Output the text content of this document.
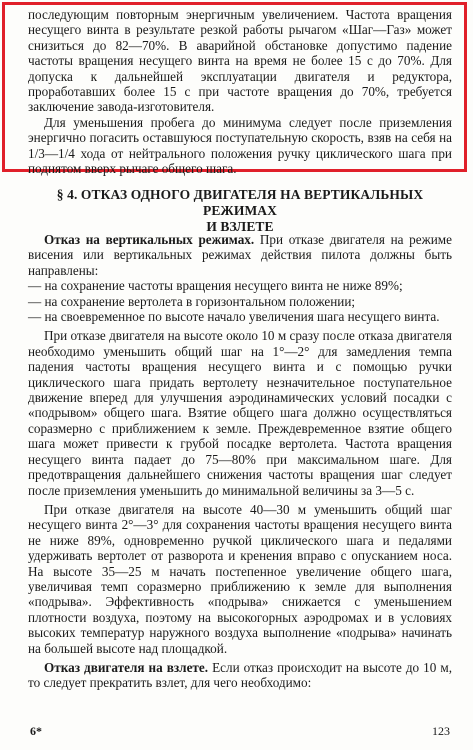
последующим повторным энергичным увеличением. Частота вращения несущего винта в результате резкой работы рычагом «Шаг—Газ» может снизиться до 82—70%. В аварийной обстановке допустимо падение частоты вращения несущего винта на время не более 15 с до 70%. Для допуска к дальнейшей эксплуатации двигателя и редуктора, проработавших более 15 с при частоте вращения до 70%, требуется заключение завода-изготовителя.

Для уменьшения пробега до минимума следует после приземления энергично погасить оставшуюся поступательную скорость, взяв на себя на 1/3—1/4 хода от нейтрального положения ручку циклического шага при поднятом вверх рычаге общего шага.

§ 4. ОТКАЗ ОДНОГО ДВИГАТЕЛЯ НА ВЕРТИКАЛЬНЫХ РЕЖИМАХ
И ВЗЛЕТЕ

Отказ на вертикальных режимах. При отказе двигателя на режиме висения или вертикальных режимах действия пилота должны быть направлены:

— на сохранение частоты вращения несущего винта не ниже 89%;

— на сохранение вертолета в горизонтальном положении;

— на своевременное по высоте начало увеличения шага несущего винта.

При отказе двигателя на высоте около 10 м сразу после отказа двигателя необходимо уменьшить общий шаг на 1°—2° для замедления темпа падения частоты вращения несущего винта и с помощью ручки циклического шага придать вертолету незначительное поступательное движение вперед для улучшения аэродинамических условий посадки с «подрывом» общего шага. Взятие общего шага должно осуществляться соразмерно с приближением к земле. Преждевременное взятие общего шага может привести к грубой посадке вертолета. Частота вращения несущего винта падает до 75—80% при максимальном шаге. Для предотвращения дальнейшего снижения частоты вращения шаг следует после приземления уменьшить до минимальной величины за 3—5 с.

При отказе двигателя на высоте 40—30 м уменьшить общий шаг несущего винта 2°—3° для сохранения частоты вращения несущего винта не ниже 89%, одновременно ручкой циклического шага и педалями удерживать вертолет от разворота и кренения вправо с опусканием носа. На высоте 35—25 м начать постепенное увеличение общего шага, увеличивая темп соразмерно приближению к земле для выполнения «подрыва». Эффективность «подрыва» снижается с уменьшением плотности воздуха, поэтому на высокогорных аэродромах и в условиях высоких температур наружного воздуха выполнение «подрыва» начинать на большей высоте над площадкой.

Отказ двигателя на взлете. Если отказ происходит на высоте до 10 м, то следует прекратить взлет, для чего необходимо:

6*	123
